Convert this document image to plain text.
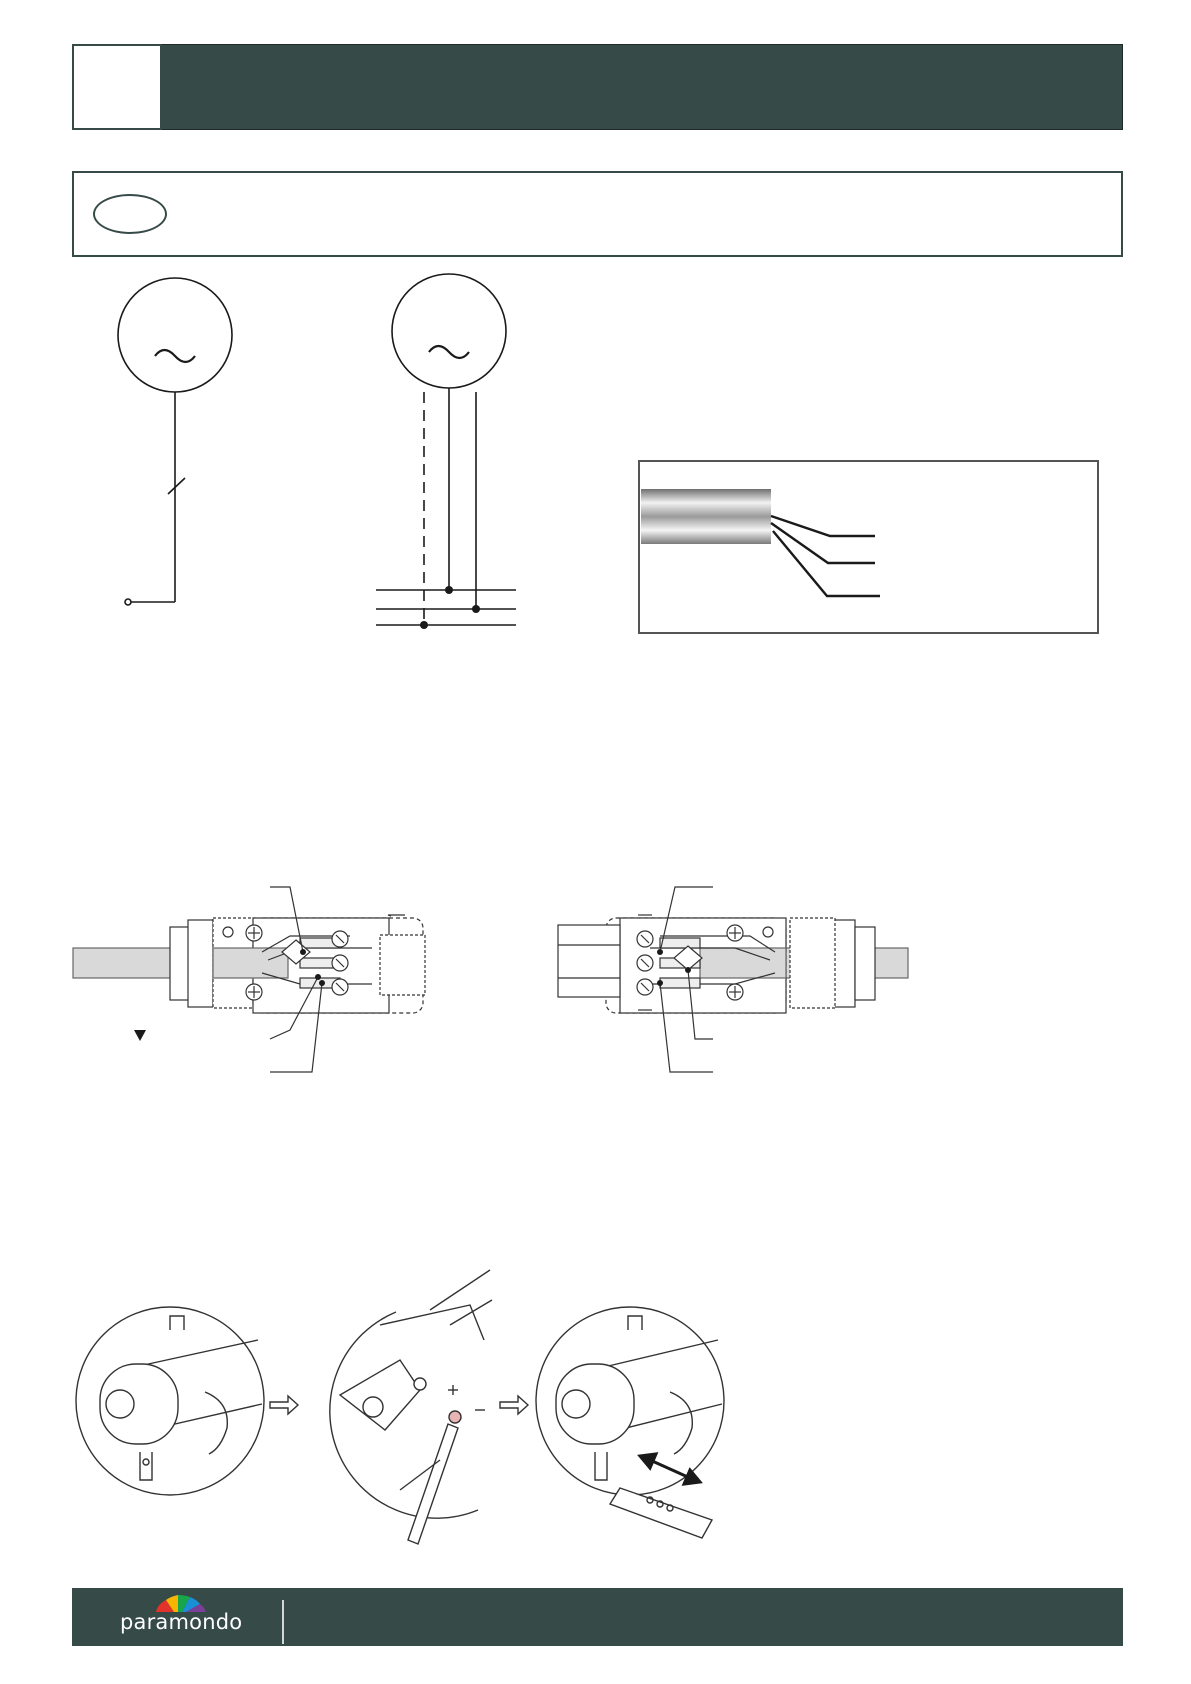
paramondo
